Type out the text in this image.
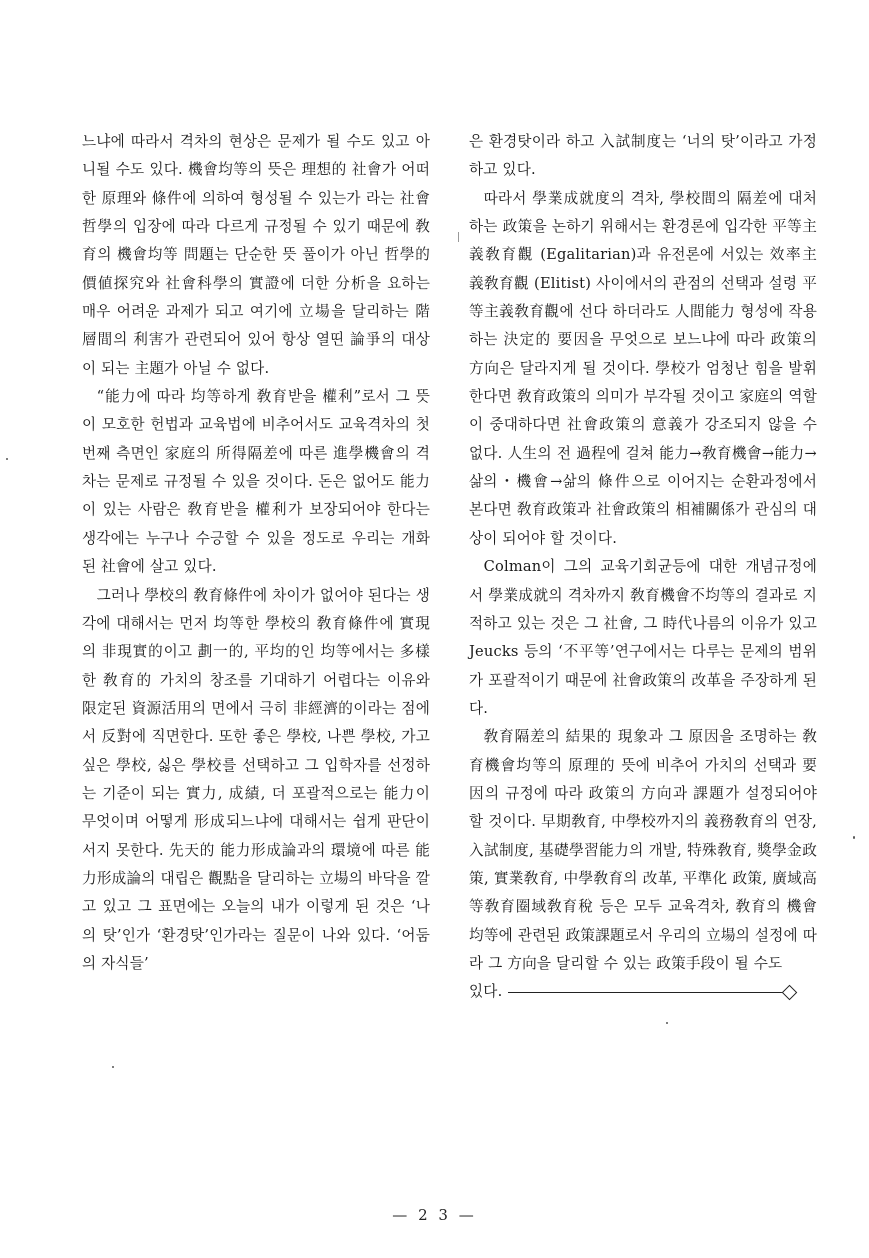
느냐에 따라서 격차의 현상은 문제가 될 수도 있고 아니될 수도 있다. 機會均等의 뜻은 理想的 社會가 어떠한 原理와 條件에 의하여 형성될 수 있는가 라는 社會哲學의 입장에 따라 다르게 규정될 수 있기 때문에 敎育의 機會均等 問題는 단순한 뜻 풀이가 아닌 哲學的 價値探究와 社會科學의 實證에 더한 分析을 요하는 매우 어려운 과제가 되고 여기에 立場을 달리하는 階層間의 利害가 관련되어 있어 항상 열띤 論爭의 대상이 되는 主題가 아닐 수 없다.

“能力에 따라 均等하게 敎育받을 權利”로서 그 뜻이 모호한 헌법과 교육법에 비추어서도 교육격차의 첫번째 측면인 家庭의 所得隔差에 따른 進學機會의 격차는 문제로 규정될 수 있을 것이다. 돈은 없어도 能力이 있는 사람은 敎育받을 權利가 보장되어야 한다는 생각에는 누구나 수긍할 수 있을 정도로 우리는 개화된 社會에 살고 있다.

그러나 學校의 敎育條件에 차이가 없어야 된다는 생각에 대해서는 먼저 均等한 學校의 敎育條件에 實現의 非現實的이고 劃一的, 平均的인 均等에서는 多樣한 敎育的 가치의 창조를 기대하기 어렵다는 이유와 限定된 資源活用의 면에서 극히 非經濟的이라는 점에서 反對에 직면한다. 또한 좋은 學校, 나쁜 學校, 가고 싶은 學校, 싫은 學校를 선택하고 그 입학자를 선정하는 기준이 되는 實力, 成績, 더 포괄적으로는 能力이 무엇이며 어떻게 形成되느냐에 대해서는 쉽게 판단이 서지 못한다. 先天的 能力形成論과의 環境에 따른 能力形成論의 대립은 觀點을 달리하는 立場의 바닥을 깔고 있고 그 표면에는 오늘의 내가 이렇게 된 것은 ‘나의 탓’인가 ‘환경탓’인가라는 질문이 나와 있다. ‘어둠의 자식들’

은 환경탓이라 하고 入試制度는 ‘너의 탓’이라고 가정하고 있다.

따라서 學業成就度의 격차, 學校間의 隔差에 대처하는 政策을 논하기 위해서는 환경론에 입각한 平等主義敎育觀 (Egalitarian)과 유전론에 서있는 效率主義敎育觀 (Elitist) 사이에서의 관점의 선택과 설령 平等主義敎育觀에 선다 하더라도 人間能力 형성에 작용하는 決定的 要因을 무엇으로 보느냐에 따라 政策의 方向은 달라지게 될 것이다. 學校가 엄청난 힘을 발휘한다면 敎育政策의 의미가 부각될 것이고 家庭의 역할이 중대하다면 社會政策의 意義가 강조되지 않을 수 없다. 人生의 전 過程에 걸쳐 能力→敎育機會→能力→삶의・機會→삶의 條件으로 이어지는 순환과정에서 본다면 敎育政策과 社會政策의 相補關係가 관심의 대상이 되어야 할 것이다.

Colman이 그의 교육기회균등에 대한 개념규정에서 學業成就의 격차까지 敎育機會不均等의 결과로 지적하고 있는 것은 그 社會, 그 時代나름의 이유가 있고 Jeucks 등의 ‘不平等’연구에서는 다루는 문제의 범위가 포괄적이기 때문에 社會政策의 改革을 주장하게 된다.

敎育隔差의 結果的 現象과 그 原因을 조명하는 敎育機會均等의 原理的 뜻에 비추어 가치의 선택과 要因의 규정에 따라 政策의 方向과 課題가 설정되어야 할 것이다. 早期敎育, 中學校까지의 義務敎育의 연장, 入試制度, 基礎學習能力의 개발, 特殊敎育, 獎學金政策, 實業敎育, 中學敎育의 改革, 平準化 政策, 廣域高等敎育圈域敎育稅 등은 모두 교육격차, 敎育의 機會均等에 관련된 政策課題로서 우리의 立場의 설정에 따라 그 方向을 달리할 수 있는 政策手段이 될 수도

있다.

— 2 3 —
